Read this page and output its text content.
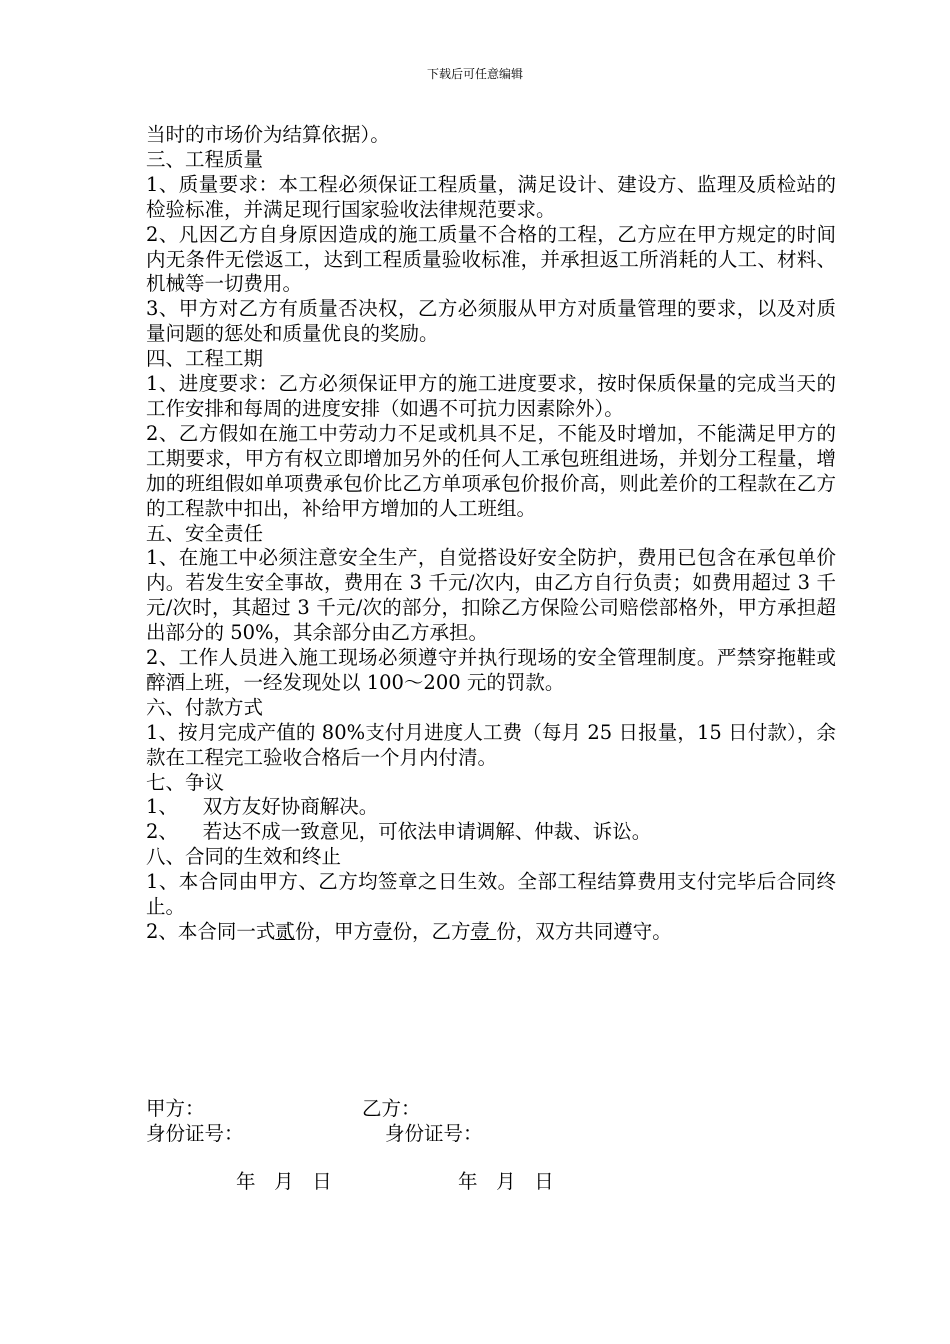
下载后可任意编辑

当时的市场价为结算依据）。

三、工程质量

1、质量要求：本工程必须保证工程质量，满足设计、建设方、监理及质检站的检验标准，并满足现行国家验收法律规范要求。

2、凡因乙方自身原因造成的施工质量不合格的工程，乙方应在甲方规定的时间内无条件无偿返工，达到工程质量验收标准，并承担返工所消耗的人工、材料、机械等一切费用。

3、甲方对乙方有质量否决权，乙方必须服从甲方对质量管理的要求，以及对质量问题的惩处和质量优良的奖励。

四、工程工期

1、进度要求：乙方必须保证甲方的施工进度要求，按时保质保量的完成当天的工作安排和每周的进度安排（如遇不可抗力因素除外）。

2、乙方假如在施工中劳动力不足或机具不足，不能及时增加，不能满足甲方的工期要求，甲方有权立即增加另外的任何人工承包班组进场，并划分工程量，增加的班组假如单项费承包价比乙方单项承包价报价高，则此差价的工程款在乙方的工程款中扣出，补给甲方增加的人工班组。

五、安全责任

1、在施工中必须注意安全生产，自觉搭设好安全防护，费用已包含在承包单价内。若发生安全事故，费用在 3 千元/次内，由乙方自行负责；如费用超过 3 千元/次时，其超过 3 千元/次的部分，扣除乙方保险公司赔偿部格外，甲方承担超出部分的 50%，其余部分由乙方承担。

2、工作人员进入施工现场必须遵守并执行现场的安全管理制度。严禁穿拖鞋或醉酒上班，一经发现处以 100～200 元的罚款。

六、付款方式

1、按月完成产值的 80%支付月进度人工费（每月 25 日报量，15 日付款），余款在工程完工验收合格后一个月内付清。

七、争议

1、    双方友好协商解决。

2、    若达不成一致意见，可依法申请调解、仲裁、诉讼。

八、合同的生效和终止

1、本合同由甲方、乙方均签章之日生效。全部工程结算费用支付完毕后合同终止。

2、本合同一式贰份，甲方壹份，乙方壹 份，双方共同遵守。

甲方：	乙方：
身份证号：	身份证号：
年   月   日	年   月   日
